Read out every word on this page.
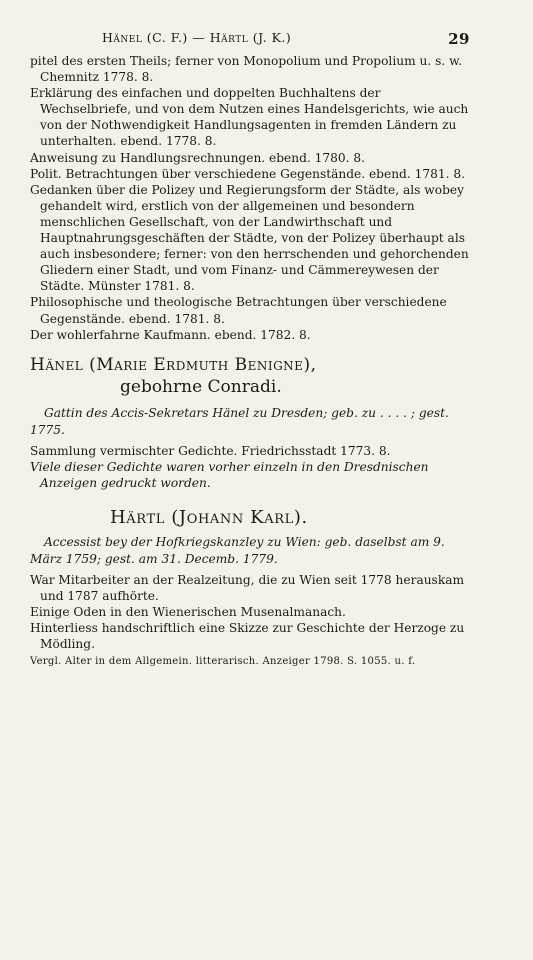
Hänel (C. F.) — Härtl (J. K.)	29

pitel des ersten Theils; ferner von Monopolium und Propolium u. s. w. Chemnitz 1778. 8.

Erklärung des einfachen und doppelten Buchhaltens der Wechselbriefe, und von dem Nutzen eines Handelsgerichts, wie auch von der Nothwendigkeit Handlungsagenten in fremden Ländern zu unterhalten. ebend. 1778. 8.

Anweisung zu Handlungsrechnungen. ebend. 1780. 8.

Polit. Betrachtungen über verschiedene Gegenstände. ebend. 1781. 8.

Gedanken über die Polizey und Regierungsform der Städte, als wobey gehandelt wird, erstlich von der allgemeinen und besondern menschlichen Gesellschaft, von der Landwirthschaft und Hauptnahrungsgeschäften der Städte, von der Polizey überhaupt als auch insbesondere; ferner: von den herrschenden und gehorchenden Gliedern einer Stadt, und vom Finanz- und Cämmereywesen der Städte. Münster 1781. 8.

Philosophische und theologische Betrachtungen über verschiedene Gegenstände. ebend. 1781. 8.

Der wohlerfahrne Kaufmann. ebend. 1782. 8.

Hänel (Marie Erdmuth Benigne),
gebohrne Conradi.

Gattin des Accis-Sekretars Hänel zu Dresden; geb. zu . . . . ; gest. 1775.

Sammlung vermischter Gedichte. Friedrichsstadt 1773. 8.

Viele dieser Gedichte waren vorher einzeln in den Dresdnischen Anzeigen gedruckt worden.

Härtl (Johann Karl).

Accessist bey der Hofkriegskanzley zu Wien: geb. daselbst am 9. März 1759; gest. am 31. Decemb. 1779.

War Mitarbeiter an der Realzeitung, die zu Wien seit 1778 herauskam und 1787 aufhörte.

Einige Oden in den Wienerischen Musenalmanach.

Hinterliess handschriftlich eine Skizze zur Geschichte der Herzoge zu Mödling.

Vergl. Alter in dem Allgemein. litterarisch. Anzeiger 1798. S. 1055. u. f.
